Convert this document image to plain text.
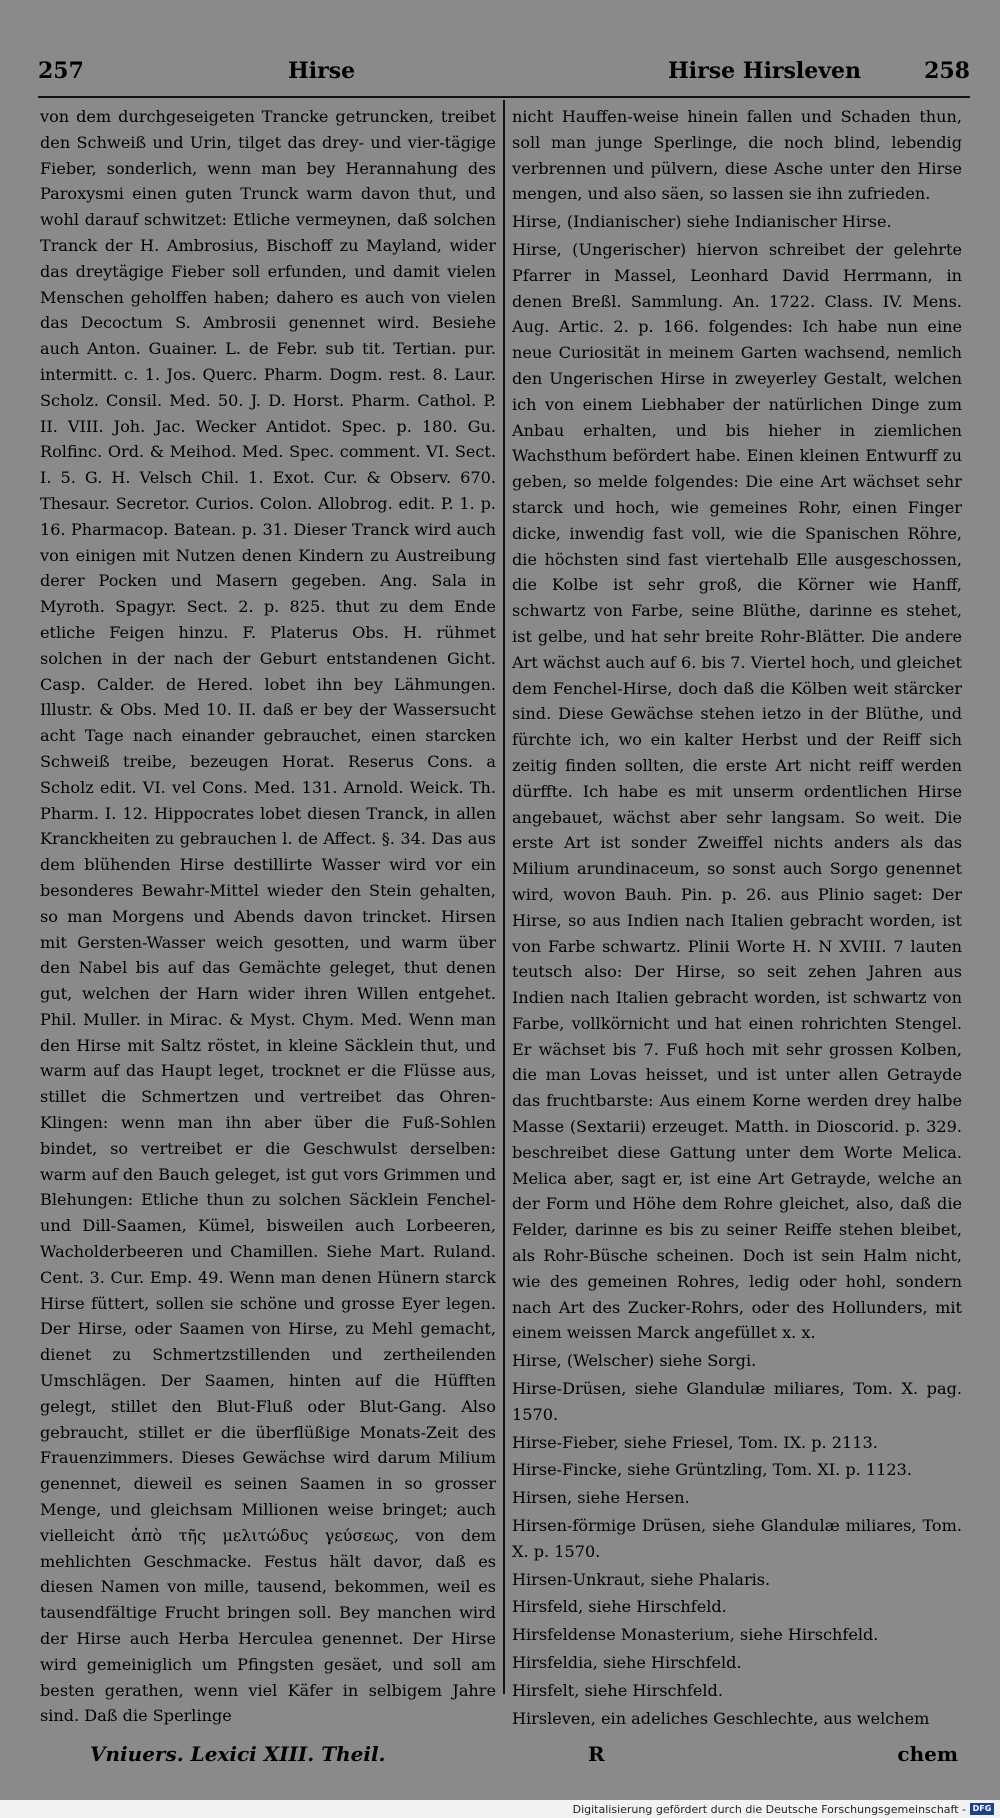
257	Hirse	Hirse Hirsleven	258

von dem durchgeseigeten Trancke getruncken, treibet den Schweiß und Urin, tilget das drey- und vier-tägige Fieber, sonderlich, wenn man bey Herannahung des Paroxysmi einen guten Trunck warm davon thut, und wohl darauf schwitzet: Etliche vermeynen, daß solchen Tranck der H. Ambrosius, Bischoff zu Mayland, wider das dreytägige Fieber soll erfunden, und damit vielen Menschen geholffen haben; dahero es auch von vielen das Decoctum S. Ambrosii genennet wird. Besiehe auch Anton. Guainer. L. de Febr. sub tit. Tertian. pur. intermitt. c. 1. Jos. Querc. Pharm. Dogm. rest. 8. Laur. Scholz. Consil. Med. 50. J. D. Horst. Pharm. Cathol. P. II. VIII. Joh. Jac. Wecker Antidot. Spec. p. 180. Gu. Rolfinc. Ord. & Meihod. Med. Spec. comment. VI. Sect. I. 5. G. H. Velsch Chil. 1. Exot. Cur. & Observ. 670. Thesaur. Secretor. Curios. Colon. Allobrog. edit. P. 1. p. 16. Pharmacop. Batean. p. 31. Dieser Tranck wird auch von einigen mit Nutzen denen Kindern zu Austreibung derer Pocken und Masern gegeben. Ang. Sala in Myroth. Spagyr. Sect. 2. p. 825. thut zu dem Ende etliche Feigen hinzu. F. Platerus Obs. H. rühmet solchen in der nach der Geburt entstandenen Gicht. Casp. Calder. de Hered. lobet ihn bey Lähmungen. Illustr. & Obs. Med 10. II. daß er bey der Wassersucht acht Tage nach einander gebrauchet, einen starcken Schweiß treibe, bezeugen Horat. Reserus Cons. a Scholz edit. VI. vel Cons. Med. 131. Arnold. Weick. Th. Pharm. I. 12. Hippocrates lobet diesen Tranck, in allen Kranckheiten zu gebrauchen l. de Affect. §. 34. Das aus dem blühenden Hirse destillirte Wasser wird vor ein besonderes Bewahr-Mittel wieder den Stein gehalten, so man Morgens und Abends davon trincket. Hirsen mit Gersten-Wasser weich gesotten, und warm über den Nabel bis auf das Gemächte geleget, thut denen gut, welchen der Harn wider ihren Willen entgehet. Phil. Muller. in Mirac. & Myst. Chym. Med. Wenn man den Hirse mit Saltz röstet, in kleine Säcklein thut, und warm auf das Haupt leget, trocknet er die Flüsse aus, stillet die Schmertzen und vertreibet das Ohren-Klingen: wenn man ihn aber über die Fuß-Sohlen bindet, so vertreibet er die Geschwulst derselben: warm auf den Bauch geleget, ist gut vors Grimmen und Blehungen: Etliche thun zu solchen Säcklein Fenchel- und Dill-Saamen, Kümel, bisweilen auch Lorbeeren, Wacholderbeeren und Chamillen. Siehe Mart. Ruland. Cent. 3. Cur. Emp. 49. Wenn man denen Hünern starck Hirse füttert, sollen sie schöne und grosse Eyer legen. Der Hirse, oder Saamen von Hirse, zu Mehl gemacht, dienet zu Schmertzstillenden und zertheilenden Umschlägen. Der Saamen, hinten auf die Hüfften gelegt, stillet den Blut-Fluß oder Blut-Gang. Also gebraucht, stillet er die überflüßige Monats-Zeit des Frauenzimmers. Dieses Gewächse wird darum Milium genennet, dieweil es seinen Saamen in so grosser Menge, und gleichsam Millionen weise bringet; auch vielleicht ἀπὸ τῆς μελιτώδυς γεύσεως, von dem mehlichten Geschmacke. Festus hält davor, daß es diesen Namen von mille, tausend, bekommen, weil es tausendfältige Frucht bringen soll. Bey manchen wird der Hirse auch Herba Herculea genennet. Der Hirse wird gemeiniglich um Pfingsten gesäet, und soll am besten gerathen, wenn viel Käfer in selbigem Jahre sind. Daß die Sperlinge

nicht Hauffen-weise hinein fallen und Schaden thun, soll man junge Sperlinge, die noch blind, lebendig verbrennen und pülvern, diese Asche unter den Hirse mengen, und also säen, so lassen sie ihn zufrieden.

Hirse, (Indianischer) siehe Indianischer Hirse.

Hirse, (Ungerischer) hiervon schreibet der gelehrte Pfarrer in Massel, Leonhard David Herrmann, in denen Breßl. Sammlung. An. 1722. Class. IV. Mens. Aug. Artic. 2. p. 166. folgendes: Ich habe nun eine neue Curiosität in meinem Garten wachsend, nemlich den Ungerischen Hirse in zweyerley Gestalt, welchen ich von einem Liebhaber der natürlichen Dinge zum Anbau erhalten, und bis hieher in ziemlichen Wachsthum befördert habe. Einen kleinen Entwurff zu geben, so melde folgendes: Die eine Art wächset sehr starck und hoch, wie gemeines Rohr, einen Finger dicke, inwendig fast voll, wie die Spanischen Röhre, die höchsten sind fast viertehalb Elle ausgeschossen, die Kolbe ist sehr groß, die Körner wie Hanff, schwartz von Farbe, seine Blüthe, darinne es stehet, ist gelbe, und hat sehr breite Rohr-Blätter. Die andere Art wächst auch auf 6. bis 7. Viertel hoch, und gleichet dem Fenchel-Hirse, doch daß die Kölben weit stärcker sind. Diese Gewächse stehen ietzo in der Blüthe, und fürchte ich, wo ein kalter Herbst und der Reiff sich zeitig finden sollten, die erste Art nicht reiff werden dürffte. Ich habe es mit unserm ordentlichen Hirse angebauet, wächst aber sehr langsam. So weit. Die erste Art ist sonder Zweiffel nichts anders als das Milium arundinaceum, so sonst auch Sorgo genennet wird, wovon Bauh. Pin. p. 26. aus Plinio saget: Der Hirse, so aus Indien nach Italien gebracht worden, ist von Farbe schwartz. Plinii Worte H. N XVIII. 7 lauten teutsch also: Der Hirse, so seit zehen Jahren aus Indien nach Italien gebracht worden, ist schwartz von Farbe, vollkörnicht und hat einen rohrichten Stengel. Er wächset bis 7. Fuß hoch mit sehr grossen Kolben, die man Lovas heisset, und ist unter allen Getrayde das fruchtbarste: Aus einem Korne werden drey halbe Masse (Sextarii) erzeuget. Matth. in Dioscorid. p. 329. beschreibet diese Gattung unter dem Worte Melica. Melica aber, sagt er, ist eine Art Getrayde, welche an der Form und Höhe dem Rohre gleichet, also, daß die Felder, darinne es bis zu seiner Reiffe stehen bleibet, als Rohr-Büsche scheinen. Doch ist sein Halm nicht, wie des gemeinen Rohres, ledig oder hohl, sondern nach Art des Zucker-Rohrs, oder des Hollunders, mit einem weissen Marck angefüllet x. x.

Hirse, (Welscher) siehe Sorgi.

Hirse-Drüsen, siehe Glandulæ miliares, Tom. X. pag. 1570.

Hirse-Fieber, siehe Friesel, Tom. IX. p. 2113.

Hirse-Fincke, siehe Grüntzling, Tom. XI. p. 1123.

Hirsen, siehe Hersen.

Hirsen-förmige Drüsen, siehe Glandulæ miliares, Tom. X. p. 1570.

Hirsen-Unkraut, siehe Phalaris.

Hirsfeld, siehe Hirschfeld.

Hirsfeldense Monasterium, siehe Hirschfeld.

Hirsfeldia, siehe Hirschfeld.

Hirsfelt, siehe Hirschfeld.

Hirsleven, ein adeliches Geschlechte, aus welchem

Vniuers. Lexici XIII. Theil.	R	chem
Digitalisierung gefördert durch die Deutsche Forschungsgemeinschaft - DFG
